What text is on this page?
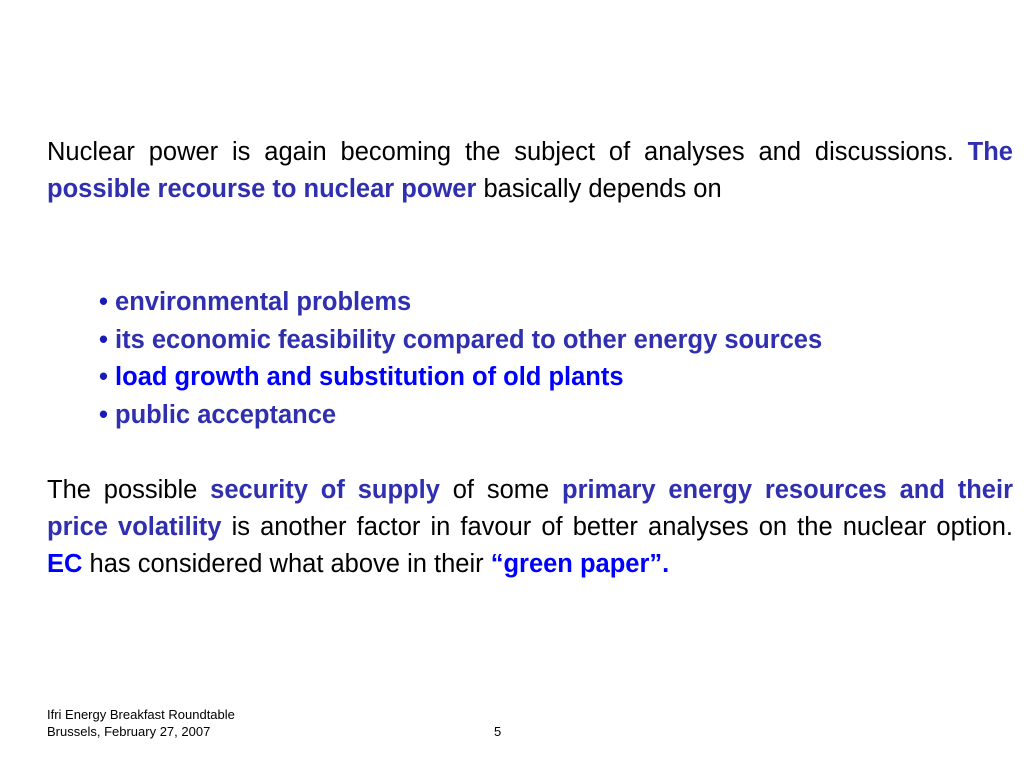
Nuclear power is again becoming the subject of analyses and discussions. The possible recourse to nuclear power basically depends on
• environmental problems
• its economic feasibility compared to other energy sources
• load growth and substitution of old plants
• public acceptance
The possible security of supply of some primary energy resources and their price volatility is another factor in favour of better analyses on the nuclear option. EC has considered what above in their “green paper”.
Ifri Energy Breakfast Roundtable
Brussels, February 27, 2007	5
